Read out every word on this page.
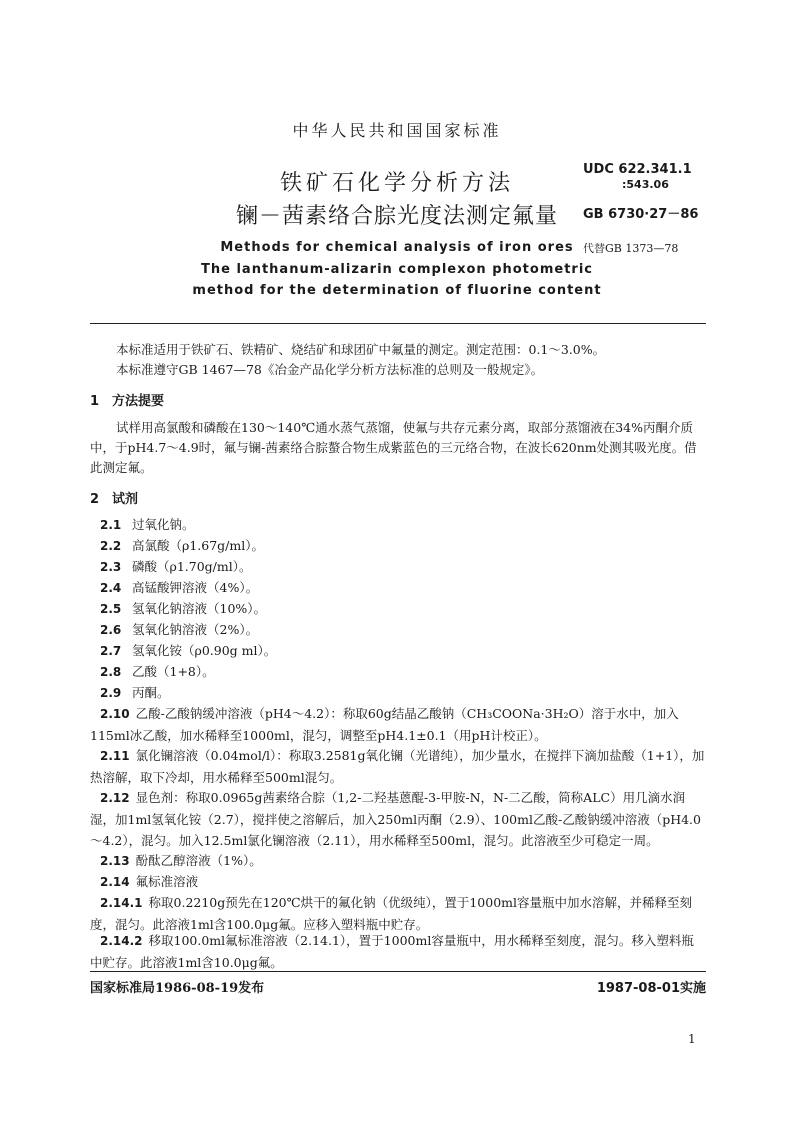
中华人民共和国国家标准
铁矿石化学分析方法
镧－茜素络合腙光度法测定氟量
UDC 622.341.1
:543.06
GB 6730·27－86
代替GB 1373—78
Methods for chemical analysis of iron ores
The lanthanum-alizarin complexon photometric
method for the determination of fluorine content
本标准适用于铁矿石、铁精矿、烧结矿和球团矿中氟量的测定。测定范围：0.1～3.0%。
本标准遵守GB 1467—78《冶金产品化学分析方法标准的总则及一般规定》。
1　方法提要
试样用高氯酸和磷酸在130～140℃通水蒸气蒸馏，使氟与共存元素分离，取部分蒸馏液在34%丙酮介质中，于pH4.7～4.9时，氟与镧-茜素络合腙螯合物生成紫蓝色的三元络合物，在波长620nm处测其吸光度。借此测定氟。
2　试剂
2.1 过氧化钠。
2.2 高氯酸（ρ1.67g/ml）。
2.3 磷酸（ρ1.70g/ml）。
2.4 高锰酸钾溶液（4%）。
2.5 氢氧化钠溶液（10%）。
2.6 氢氧化钠溶液（2%）。
2.7 氢氧化铵（ρ0.90g ml）。
2.8 乙酸（1+8）。
2.9 丙酮。
2.10 乙酸-乙酸钠缓冲溶液（pH4～4.2）：称取60g结晶乙酸钠（CH₃COONa·3H₂O）溶于水中，加入115ml冰乙酸，加水稀释至1000ml，混匀，调整至pH4.1±0.1（用pH计校正）。
2.11 氯化镧溶液（0.04mol/l）：称取3.2581g氧化镧（光谱纯），加少量水，在搅拌下滴加盐酸（1+1），加热溶解，取下冷却，用水稀释至500ml混匀。
2.12 显色剂：称取0.0965g茜素络合腙（1,2-二羟基蒽醌-3-甲胺-N，N-二乙酸，简称ALC）用几滴水润湿，加1ml氢氧化铵（2.7），搅拌使之溶解后，加入250ml丙酮（2.9）、100ml乙酸-乙酸钠缓冲溶液（pH4.0～4.2），混匀。加入12.5ml氯化镧溶液（2.11），用水稀释至500ml，混匀。此溶液至少可稳定一周。
2.13 酚酞乙醇溶液（1%）。
2.14 氟标准溶液
2.14.1 称取0.2210g预先在120℃烘干的氟化钠（优级纯），置于1000ml容量瓶中加水溶解，并稀释至刻度，混匀。此溶液1ml含100.0μg氟。应移入塑料瓶中贮存。
2.14.2 移取100.0ml氟标准溶液（2.14.1），置于1000ml容量瓶中，用水稀释至刻度，混匀。移入塑料瓶中贮存。此溶液1ml含10.0μg氟。
国家标准局1986-08-19发布	1987-08-01实施
1
